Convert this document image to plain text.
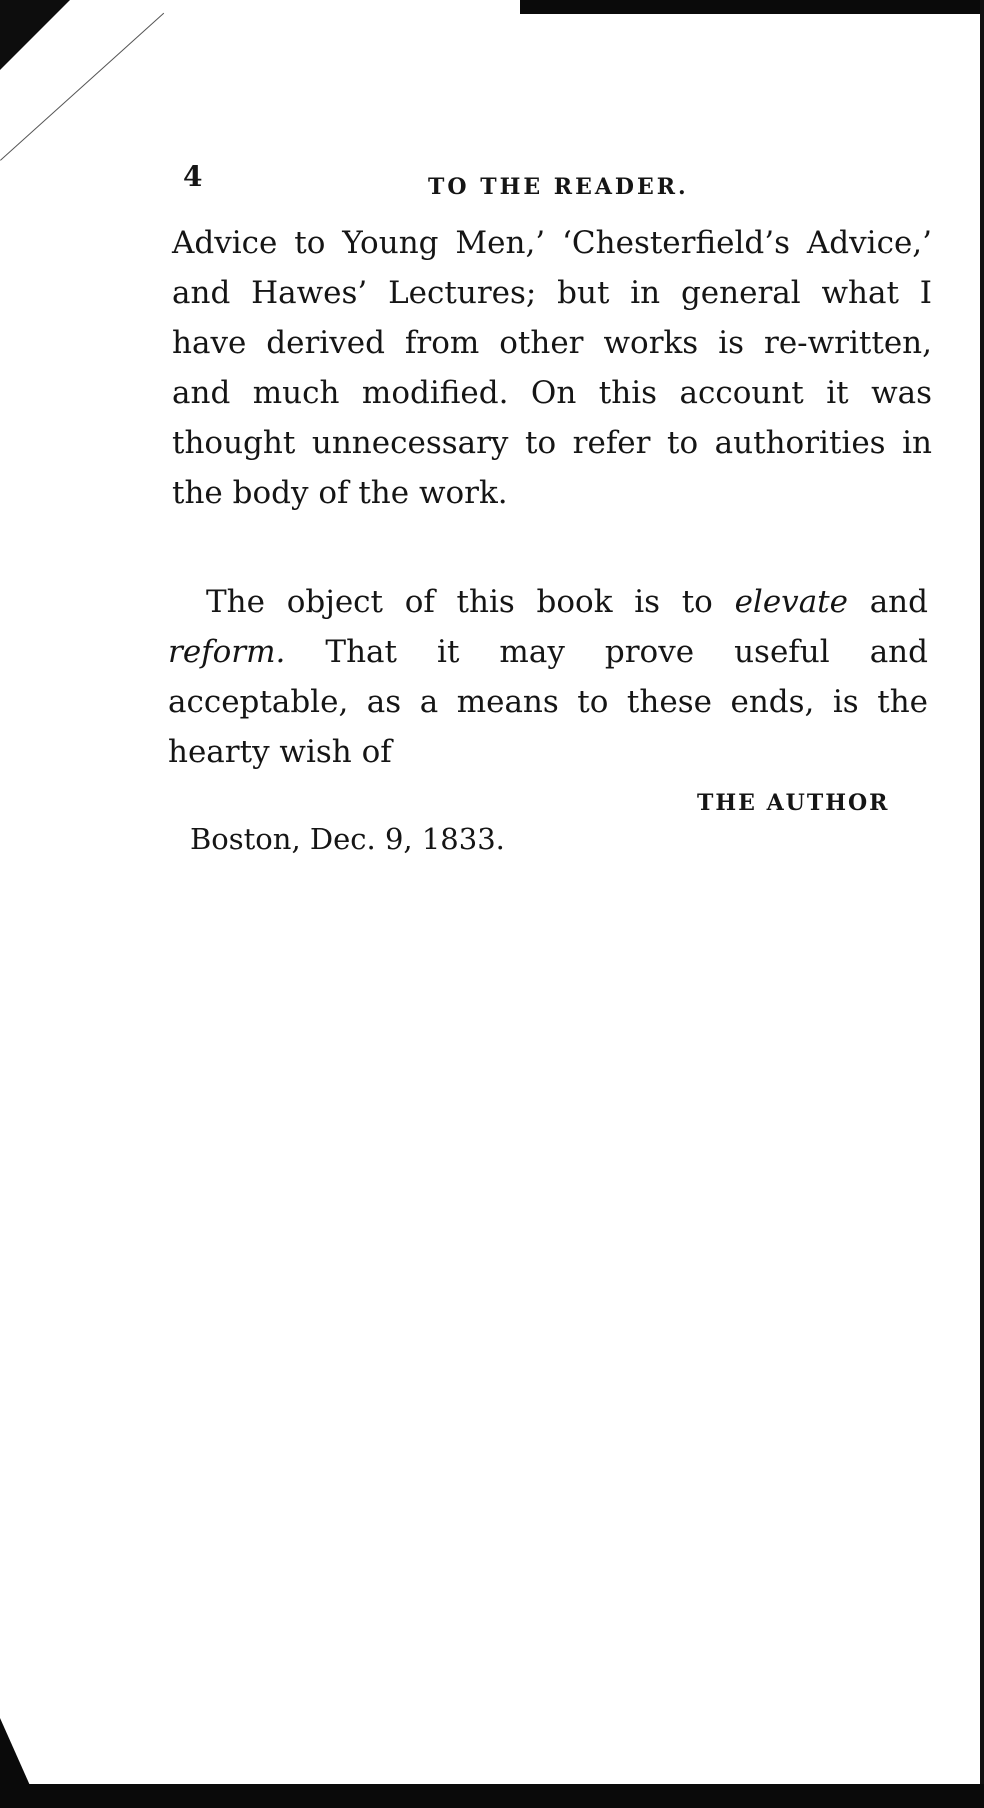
4	TO THE READER.

Advice to Young Men,’ ‘Chesterfield’s Advice,’ and Hawes’ Lectures; but in general what I have derived from other works is re-written, and much modified. On this account it was thought unnecessary to refer to authorities in the body of the work.

The object of this book is to elevate and reform. That it may prove useful and acceptable, as a means to these ends, is the hearty wish of

THE AUTHOR
Boston, Dec. 9, 1833.
